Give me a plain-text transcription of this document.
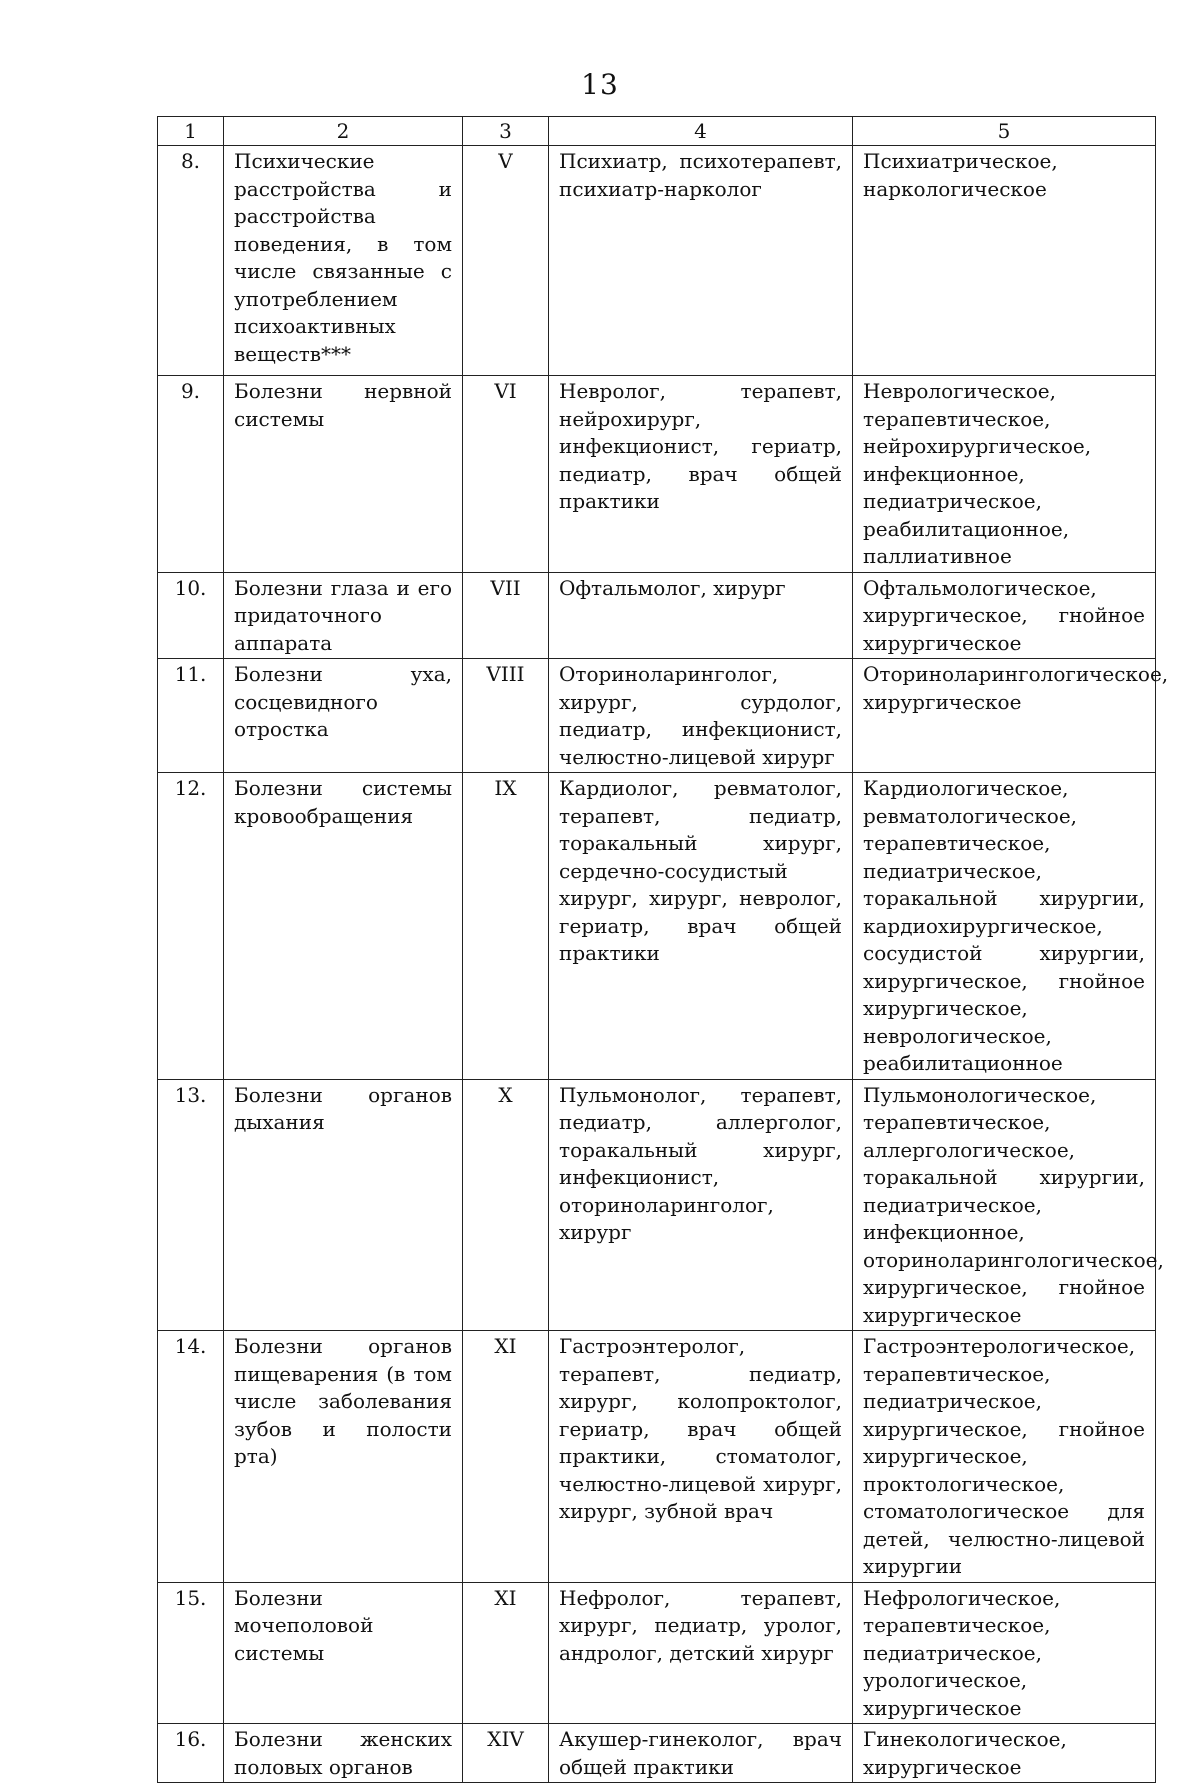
13
1	2	3	4	5
8.	Психические расстройства и расстройства поведения, в том числе связанные с употреблением психоактивных веществ***	V	Психиатр, психотерапевт, психиатр-нарколог	Психиатрическое, наркологическое
9.	Болезни нервной системы	VI	Невролог, терапевт, нейрохирург, инфекционист, гериатр, педиатр, врач общей практики	Неврологическое, терапевтическое, нейрохирургическое, инфекционное, педиатрическое, реабилитационное, паллиативное
10.	Болезни глаза и его придаточного аппарата	VII	Офтальмолог, хирург	Офтальмологическое, хирургическое, гнойное хирургическое
11.	Болезни уха, сосцевидного отростка	VIII	Оториноларинголог, хирург, сурдолог, педиатр, инфекционист, челюстно-лицевой хирург	Оториноларингологическое, хирургическое
12.	Болезни системы кровообращения	IX	Кардиолог, ревматолог, терапевт, педиатр, торакальный хирург, сердечно-сосудистый хирург, хирург, невролог, гериатр, врач общей практики	Кардиологическое, ревматологическое, терапевтическое, педиатрическое, торакальной хирургии, кардиохирургическое, сосудистой хирургии, хирургическое, гнойное хирургическое, неврологическое, реабилитационное
13.	Болезни органов дыхания	X	Пульмонолог, терапевт, педиатр, аллерголог, торакальный хирург, инфекционист, оториноларинголог, хирург	Пульмонологическое, терапевтическое, аллергологическое, торакальной хирургии, педиатрическое, инфекционное, оториноларингологическое, хирургическое, гнойное хирургическое
14.	Болезни органов пищеварения (в том числе заболевания зубов и полости рта)	XI	Гастроэнтеролог, терапевт, педиатр, хирург, колопроктолог, гериатр, врач общей практики, стоматолог, челюстно-лицевой хирург, хирург, зубной врач	Гастроэнтерологическое, терапевтическое, педиатрическое, хирургическое, гнойное хирургическое, проктологическое, стоматологическое для детей, челюстно-лицевой хирургии
15.	Болезни мочеполовой системы	XI	Нефролог, терапевт, хирург, педиатр, уролог, андролог, детский хирург	Нефрологическое, терапевтическое, педиатрическое, урологическое, хирургическое
16.	Болезни женских половых органов	XIV	Акушер-гинеколог, врач общей практики	Гинекологическое, хирургическое
